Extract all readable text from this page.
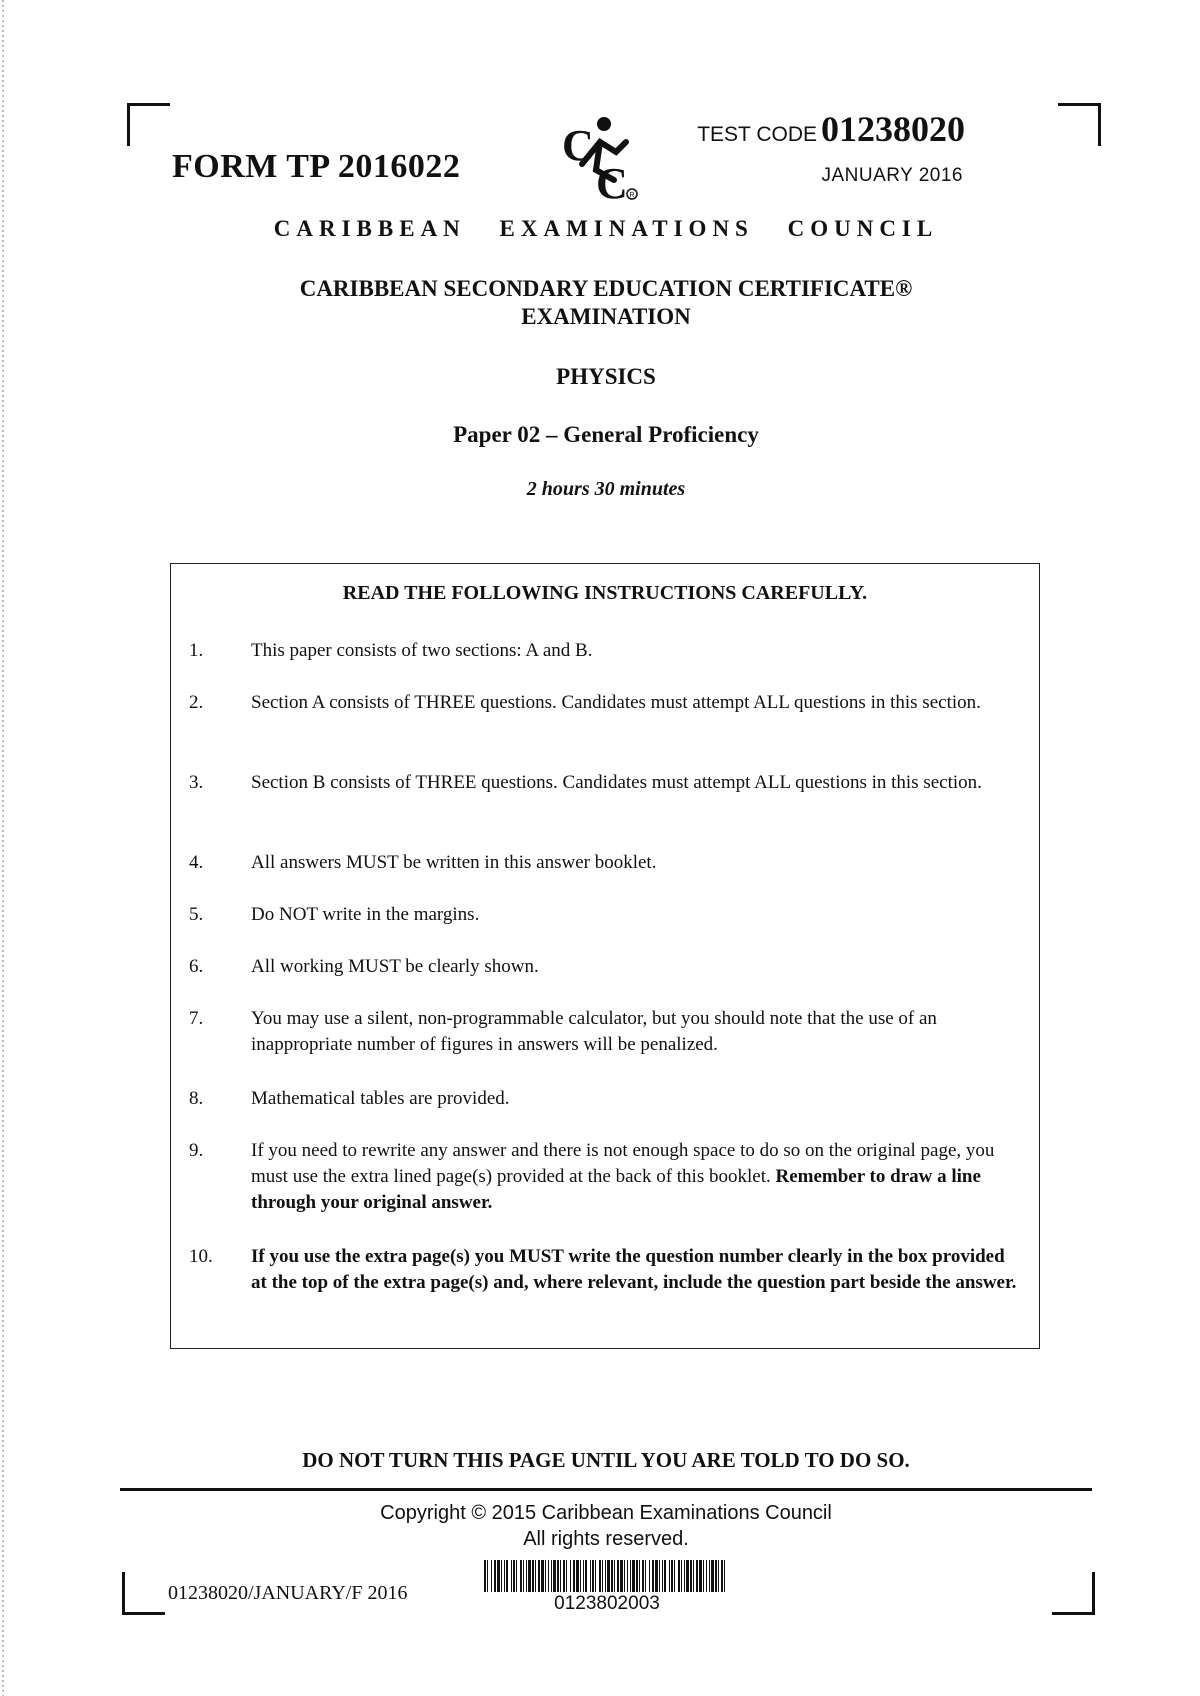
FORM TP 2016022 C
C R
TEST CODE 01238020
JANUARY 2016
CARIBBEAN EXAMINATIONS COUNCIL
CARIBBEAN SECONDARY EDUCATION CERTIFICATE®
EXAMINATION
PHYSICS
Paper 02 – General Proficiency
2 hours 30 minutes
READ THE FOLLOWING INSTRUCTIONS CAREFULLY.
1.	This paper consists of two sections: A and B.
2.	Section A consists of THREE questions. Candidates must attempt ALL questions in this section.
3.	Section B consists of THREE questions. Candidates must attempt ALL questions in this section.
4.	All answers MUST be written in this answer booklet.
5.	Do NOT write in the margins.
6.	All working MUST be clearly shown.
7.	You may use a silent, non-programmable calculator, but you should note that the use of an inappropriate number of figures in answers will be penalized.
8.	Mathematical tables are provided.
9.	If you need to rewrite any answer and there is not enough space to do so on the original page, you must use the extra lined page(s) provided at the back of this booklet. Remember to draw a line through your original answer.
10.	If you use the extra page(s) you MUST write the question number clearly in the box provided at the top of the extra page(s) and, where relevant, include the question part beside the answer.
DO NOT TURN THIS PAGE UNTIL YOU ARE TOLD TO DO SO.
Copyright © 2015 Caribbean Examinations Council
All rights reserved.
01238020/JANUARY/F 2016	0123802003
